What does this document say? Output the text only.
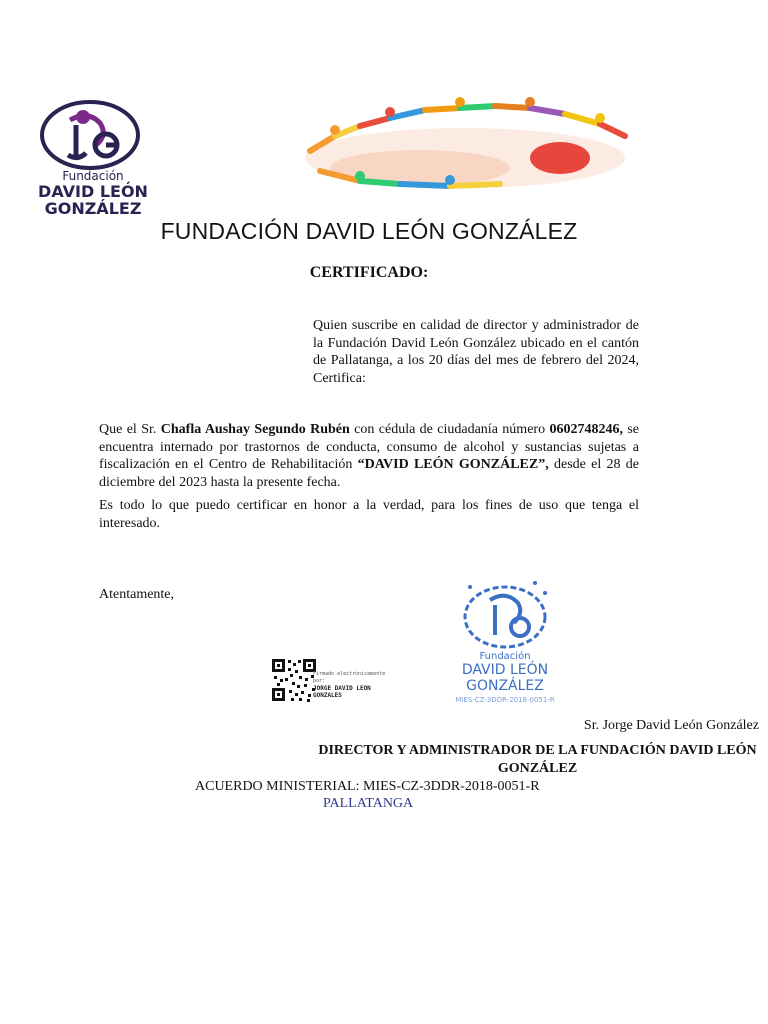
Fundación
DAVID LEÓN
GONZÁLEZ
FUNDACIÓN DAVID LEÓN GONZÁLEZ
CERTIFICADO:
Quien suscribe en calidad de director y administrador de la Fundación David León González ubicado en el cantón de Pallatanga, a los 20 días del mes de febrero del 2024, Certifica:
Que el Sr. Chafla Aushay Segundo Rubén con cédula de ciudadanía número 0602748246, se encuentra internado por trastornos de conducta, consumo de alcohol y sustancias sujetas a fiscalización en el Centro de Rehabilitación “DAVID LEÓN GONZÁLEZ”, desde el 28 de diciembre del 2023 hasta la presente fecha.
Es todo lo que puedo certificar en honor a la verdad, para los fines de uso que tenga el interesado.
Atentamente,
Firmado electrónicamente por:
JORGE DAVID LEON GONZALES
Fundación
DAVID LEÓN
GONZÁLEZ
MIES-CZ-3DDR-2018-0051-R
Sr. Jorge David León González
DIRECTOR Y ADMINISTRADOR DE LA FUNDACIÓN DAVID LEÓN GONZÁLEZ
ACUERDO MINISTERIAL: MIES-CZ-3DDR-2018-0051-R
PALLATANGA
